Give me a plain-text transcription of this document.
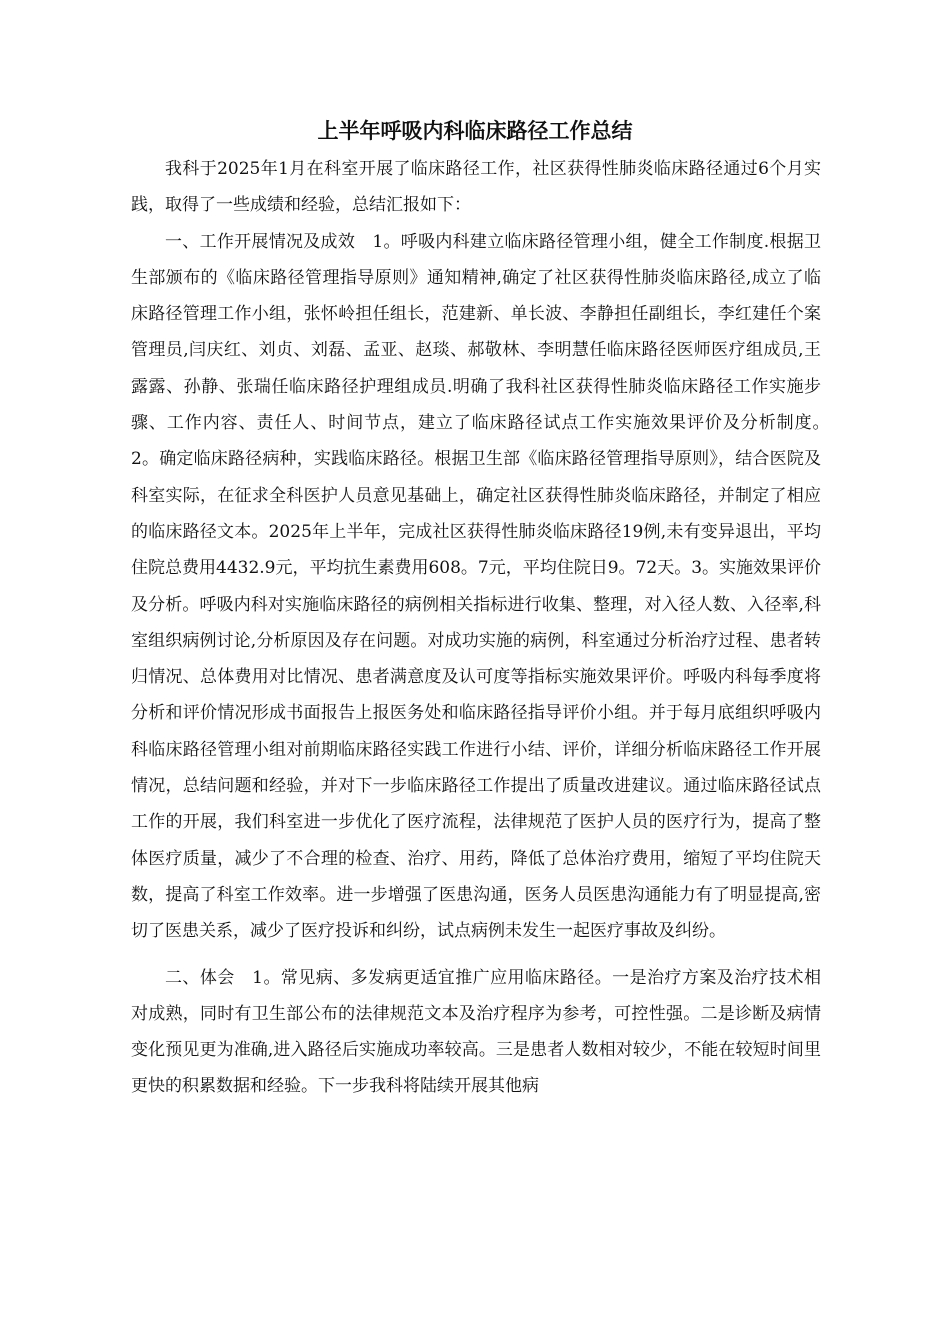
上半年呼吸内科临床路径工作总结

我科于2025年1月在科室开展了临床路径工作，社区获得性肺炎临床路径通过6个月实践，取得了一些成绩和经验，总结汇报如下：

一、工作开展情况及成效　1。呼吸内科建立临床路径管理小组，健全工作制度.根据卫生部颁布的《临床路径管理指导原则》通知精神,确定了社区获得性肺炎临床路径,成立了临床路径管理工作小组，张怀岭担任组长，范建新、单长波、李静担任副组长，李红建任个案管理员,闫庆红、刘贞、刘磊、孟亚、赵琰、郝敬林、李明慧任临床路径医师医疗组成员,王露露、孙静、张瑞任临床路径护理组成员.明确了我科社区获得性肺炎临床路径工作实施步骤、工作内容、责任人、时间节点，建立了临床路径试点工作实施效果评价及分析制度。　2。确定临床路径病种，实践临床路径。根据卫生部《临床路径管理指导原则》，结合医院及科室实际，在征求全科医护人员意见基础上，确定社区获得性肺炎临床路径，并制定了相应的临床路径文本。2025年上半年，完成社区获得性肺炎临床路径19例,未有变异退出，平均住院总费用4432.9元，平均抗生素费用608。7元，平均住院日9。72天。3。实施效果评价及分析。呼吸内科对实施临床路径的病例相关指标进行收集、整理，对入径人数、入径率,科室组织病例讨论,分析原因及存在问题。对成功实施的病例，科室通过分析治疗过程、患者转归情况、总体费用对比情况、患者满意度及认可度等指标实施效果评价。呼吸内科每季度将分析和评价情况形成书面报告上报医务处和临床路径指导评价小组。并于每月底组织呼吸内科临床路径管理小组对前期临床路径实践工作进行小结、评价，详细分析临床路径工作开展情况，总结问题和经验，并对下一步临床路径工作提出了质量改进建议。通过临床路径试点工作的开展，我们科室进一步优化了医疗流程，法律规范了医护人员的医疗行为，提高了整体医疗质量，减少了不合理的检查、治疗、用药，降低了总体治疗费用，缩短了平均住院天数，提高了科室工作效率。进一步增强了医患沟通，医务人员医患沟通能力有了明显提高,密切了医患关系，减少了医疗投诉和纠纷，试点病例未发生一起医疗事故及纠纷。

二、体会　1。常见病、多发病更适宜推广应用临床路径。一是治疗方案及治疗技术相对成熟，同时有卫生部公布的法律规范文本及治疗程序为参考，可控性强。二是诊断及病情变化预见更为准确,进入路径后实施成功率较高。三是患者人数相对较少，不能在较短时间里更快的积累数据和经验。下一步我科将陆续开展其他病
